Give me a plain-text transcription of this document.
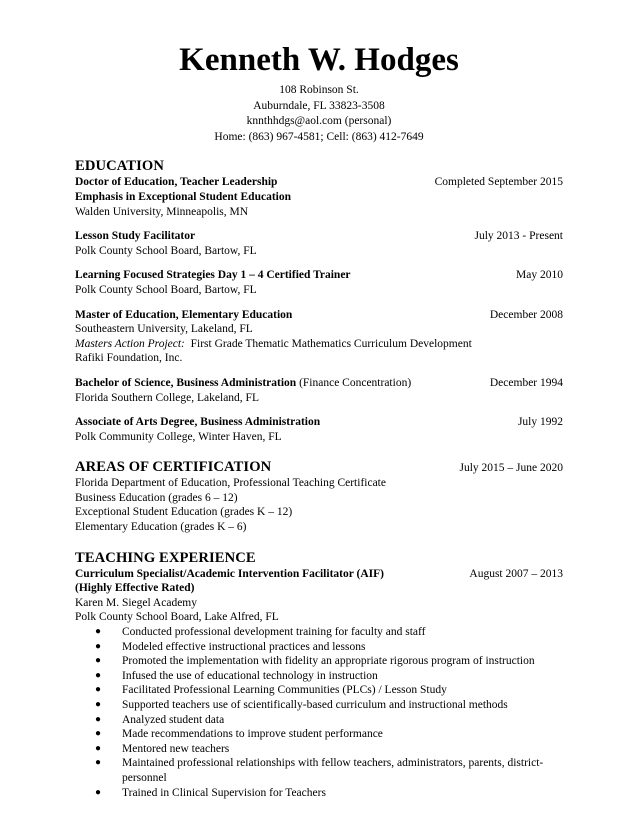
Kenneth W. Hodges
108 Robinson St.
Auburndale, FL 33823-3508
knnthhdgs@aol.com (personal)
Home: (863) 967-4581; Cell: (863) 412-7649
EDUCATION
Doctor of Education, Teacher Leadership	Completed September 2015
Emphasis in Exceptional Student Education
Walden University, Minneapolis, MN
Lesson Study Facilitator	July 2013 - Present
Polk County School Board, Bartow, FL
Learning Focused Strategies Day 1 – 4 Certified Trainer	May 2010
Polk County School Board, Bartow, FL
Master of Education, Elementary Education	December 2008
Southeastern University, Lakeland, FL
Masters Action Project:  First Grade Thematic Mathematics Curriculum Development
Rafiki Foundation, Inc.
Bachelor of Science, Business Administration (Finance Concentration)	December 1994
Florida Southern College, Lakeland, FL
Associate of Arts Degree, Business Administration	July 1992
Polk Community College, Winter Haven, FL
AREAS OF CERTIFICATION	July 2015 – June 2020
Florida Department of Education, Professional Teaching Certificate
Business Education (grades 6 – 12)
Exceptional Student Education (grades K – 12)
Elementary Education (grades K – 6)
TEACHING EXPERIENCE
Curriculum Specialist/Academic Intervention Facilitator (AIF)	August 2007 – 2013
(Highly Effective Rated)
Karen M. Siegel Academy
Polk County School Board, Lake Alfred, FL
● Conducted professional development training for faculty and staff
● Modeled effective instructional practices and lessons
● Promoted the implementation with fidelity an appropriate rigorous program of instruction
● Infused the use of educational technology in instruction
● Facilitated Professional Learning Communities (PLCs) / Lesson Study
● Supported teachers use of scientifically-based curriculum and instructional methods
● Analyzed student data
● Made recommendations to improve student performance
● Mentored new teachers
● Maintained professional relationships with fellow teachers, administrators, parents, district-personnel
● Trained in Clinical Supervision for Teachers
